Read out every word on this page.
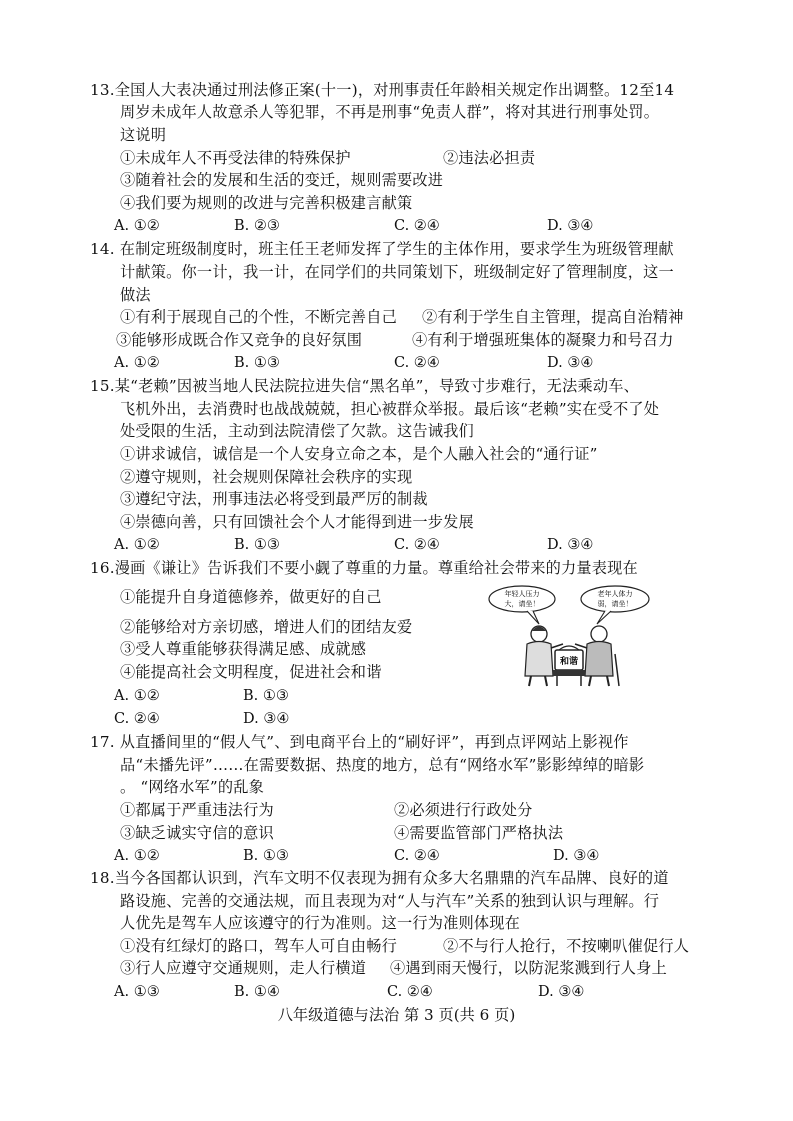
13.全国人大表决通过刑法修正案(十一)，对刑事责任年龄相关规定作出调整。12至14
周岁未成年人故意杀人等犯罪，不再是刑事“免责人群”，将对其进行刑事处罚。
这说明
①未成年人不再受法律的特殊保护	②违法必担责
③随着社会的发展和生活的变迁，规则需要改进
④我们要为规则的改进与完善积极建言献策
A. ①②	B. ②③	C. ②④	D. ③④
14. 在制定班级制度时，班主任王老师发挥了学生的主体作用，要求学生为班级管理献
计献策。你一计，我一计，在同学们的共同策划下，班级制定好了管理制度，这一
做法
①有利于展现自己的个性，不断完善自己 ②有利于学生自主管理，提高自治精神
③能够形成既合作又竞争的良好氛围	④有利于增强班集体的凝聚力和号召力
A. ①②	B. ①③	C. ②④	D. ③④
15.某“老赖”因被当地人民法院拉进失信“黑名单”，导致寸步难行，无法乘动车、
飞机外出，去消费时也战战兢兢，担心被群众举报。最后该“老赖”实在受不了处
处受限的生活，主动到法院清偿了欠款。这告诫我们
①讲求诚信，诚信是一个人安身立命之本，是个人融入社会的“通行证”
②遵守规则，社会规则保障社会秩序的实现
③遵纪守法，刑事违法必将受到最严厉的制裁
④崇德向善，只有回馈社会个人才能得到进一步发展
A. ①②	B. ①③	C. ②④	D. ③④
16.漫画《谦让》告诉我们不要小觑了尊重的力量。尊重给社会带来的力量表现在
①能提升自身道德修养，做更好的自己
②能够给对方亲切感，增进人们的团结友爱
③受人尊重能够获得满足感、成就感
④能提高社会文明程度，促进社会和谐
A. ①②	B. ①③
C. ②④	D. ③④
年轻人压力
大，请坐！
老年人体力
弱，请坐！
和谐
17. 从直播间里的“假人气”、到电商平台上的“刷好评”，再到点评网站上影视作
品“未播先评”……在需要数据、热度的地方，总有“网络水军”影影绰绰的暗影
。 “网络水军”的乱象
①都属于严重违法行为	②必须进行行政处分
③缺乏诚实守信的意识	④需要监管部门严格执法
A. ①②	B. ①③	C. ②④	D. ③④
18.当今各国都认识到，汽车文明不仅表现为拥有众多大名鼎鼎的汽车品牌、良好的道
路设施、完善的交通法规，而且表现为对“人与汽车”关系的独到认识与理解。行
人优先是驾车人应该遵守的行为准则。这一行为准则体现在
①没有红绿灯的路口，驾车人可自由畅行	②不与行人抢行，不按喇叭催促行人
③行人应遵守交通规则，走人行横道 ④遇到雨天慢行，以防泥浆溅到行人身上
A. ①③	B. ①④	C. ②④	D. ③④
八年级道德与法治 第 3 页(共 6 页)
